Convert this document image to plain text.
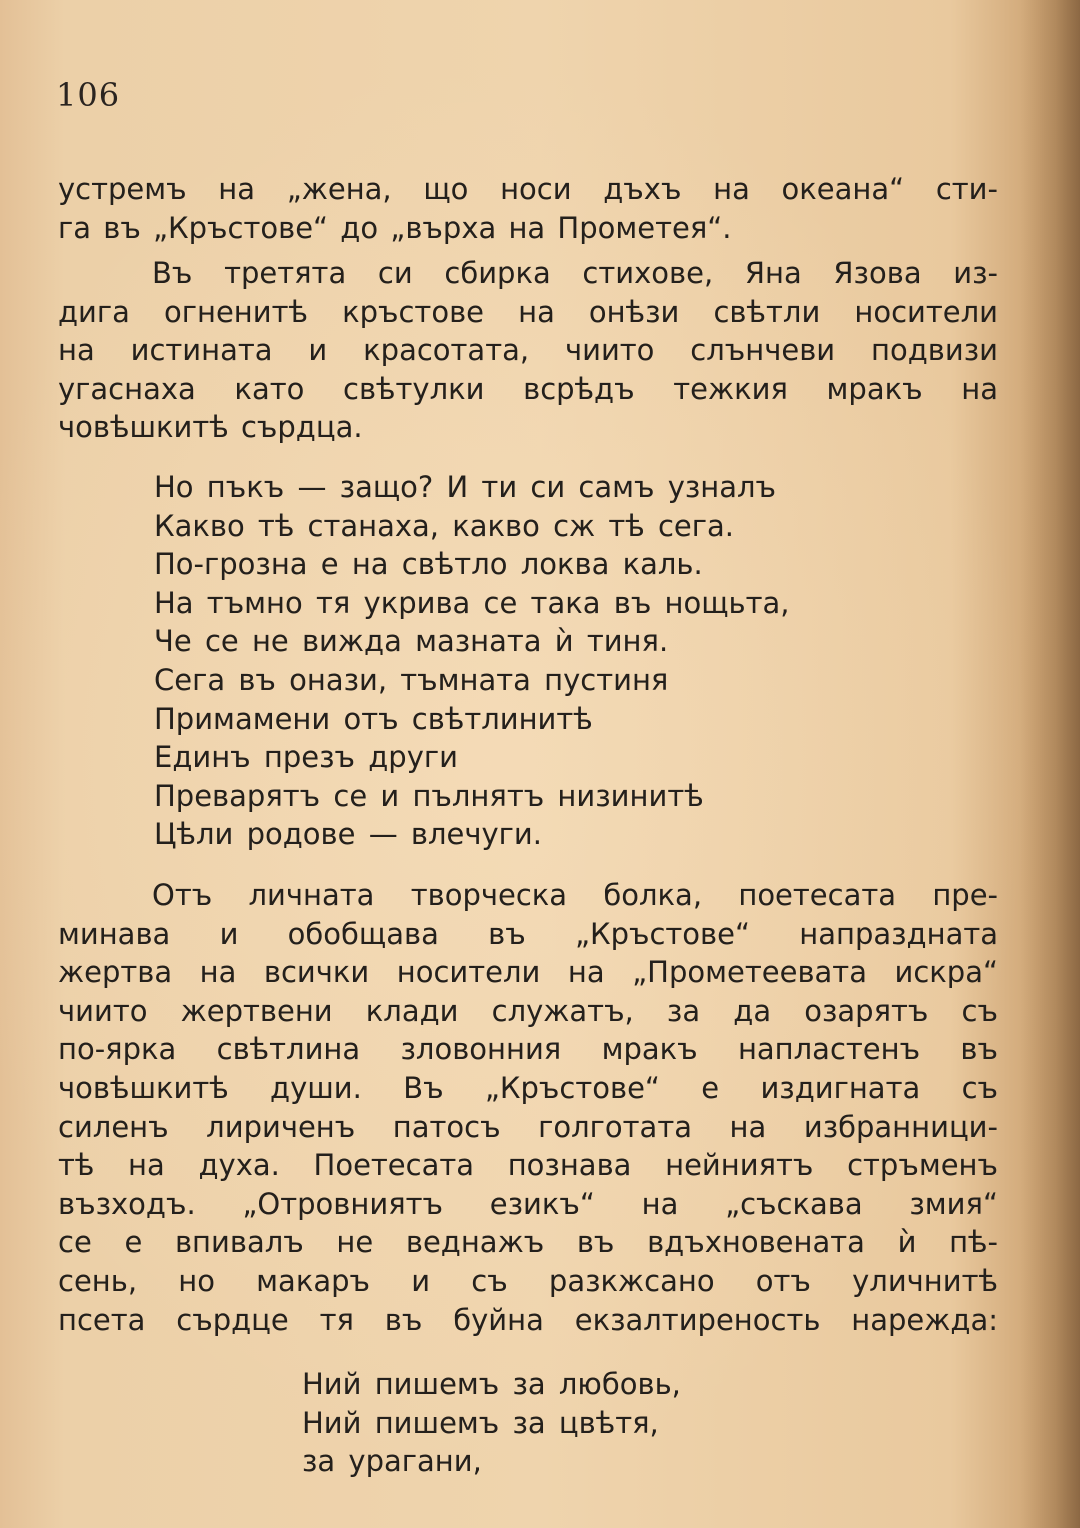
106
устремъ на „жена, що носи дъхъ на океана“ сти-
га въ „Кръстове“ до „върха на Прометея“.
Въ третята си сбирка стихове, Яна Язова из-
дига огненитѣ кръстове на онѣзи свѣтли носители
на истината и красотата, чиито слънчеви подвизи
угаснаха като свѣтулки всрѣдъ тежкия мракъ на
човѣшкитѣ сърдца.
Но пъкъ — защо? И ти си самъ узналъ
Какво тѣ станаха, какво сж тѣ сега.
По-грозна е на свѣтло локва каль.
На тъмно тя укрива се така въ нощьта,
Че се не вижда мазната ѝ тиня.
Сега въ онази, тъмната пустиня
Примамени отъ свѣтлинитѣ
Единъ презъ други
Преварятъ се и пълнятъ низинитѣ
Цѣли родове — влечуги.
Отъ личната творческа болка, поетесата пре-
минава и обобщава въ „Кръстове“ напраздната
жертва на всички носители на „Прометеевата искра“
чиито жертвени клади служатъ, за да озарятъ съ
по-ярка свѣтлина зловонния мракъ напластенъ въ
човѣшкитѣ души. Въ „Кръстове“ е издигната съ
силенъ лириченъ патосъ голготата на избранници-
тѣ на духа. Поетесата познава нейниятъ стръменъ
възходъ. „Отровниятъ езикъ“ на „съскава змия“
се е впивалъ не веднажъ въ вдъхновената ѝ пѣ-
сень, но макаръ и съ разкжсано отъ уличнитѣ
псета сърдце тя въ буйна екзалтиреность нарежда:
Ний пишемъ за любовь,
Ний пишемъ за цвѣтя,
за урагани,
